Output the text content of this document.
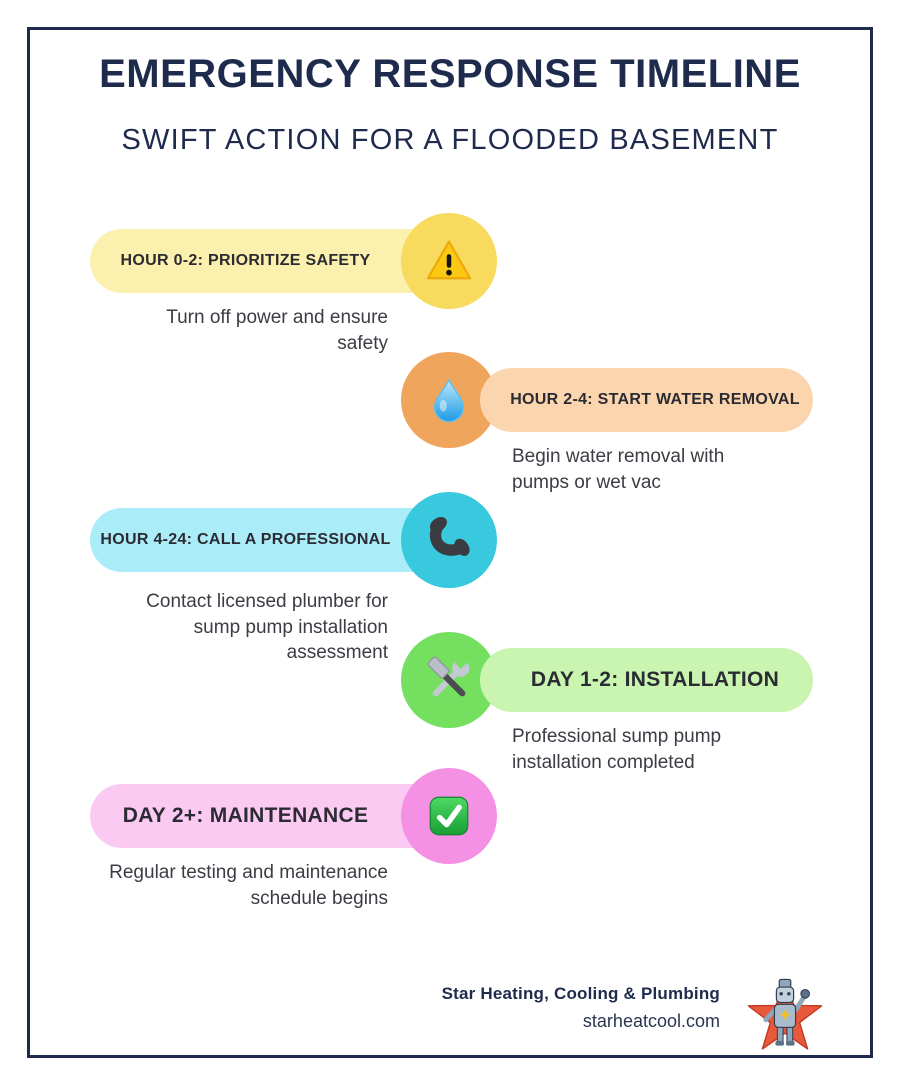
EMERGENCY RESPONSE TIMELINE
SWIFT ACTION FOR A FLOODED BASEMENT
HOUR 0-2: PRIORITIZE SAFETY

Turn off power and ensure safety

HOUR 2-4: START WATER REMOVAL

Begin water removal with pumps or wet vac

HOUR 4-24: CALL A PROFESSIONAL

Contact licensed plumber for sump pump installation assessment

DAY 1-2: INSTALLATION

Professional sump pump installation completed

DAY 2+: MAINTENANCE

Regular testing and maintenance schedule begins

Star Heating, Cooling & Plumbing

starheatcool.com
